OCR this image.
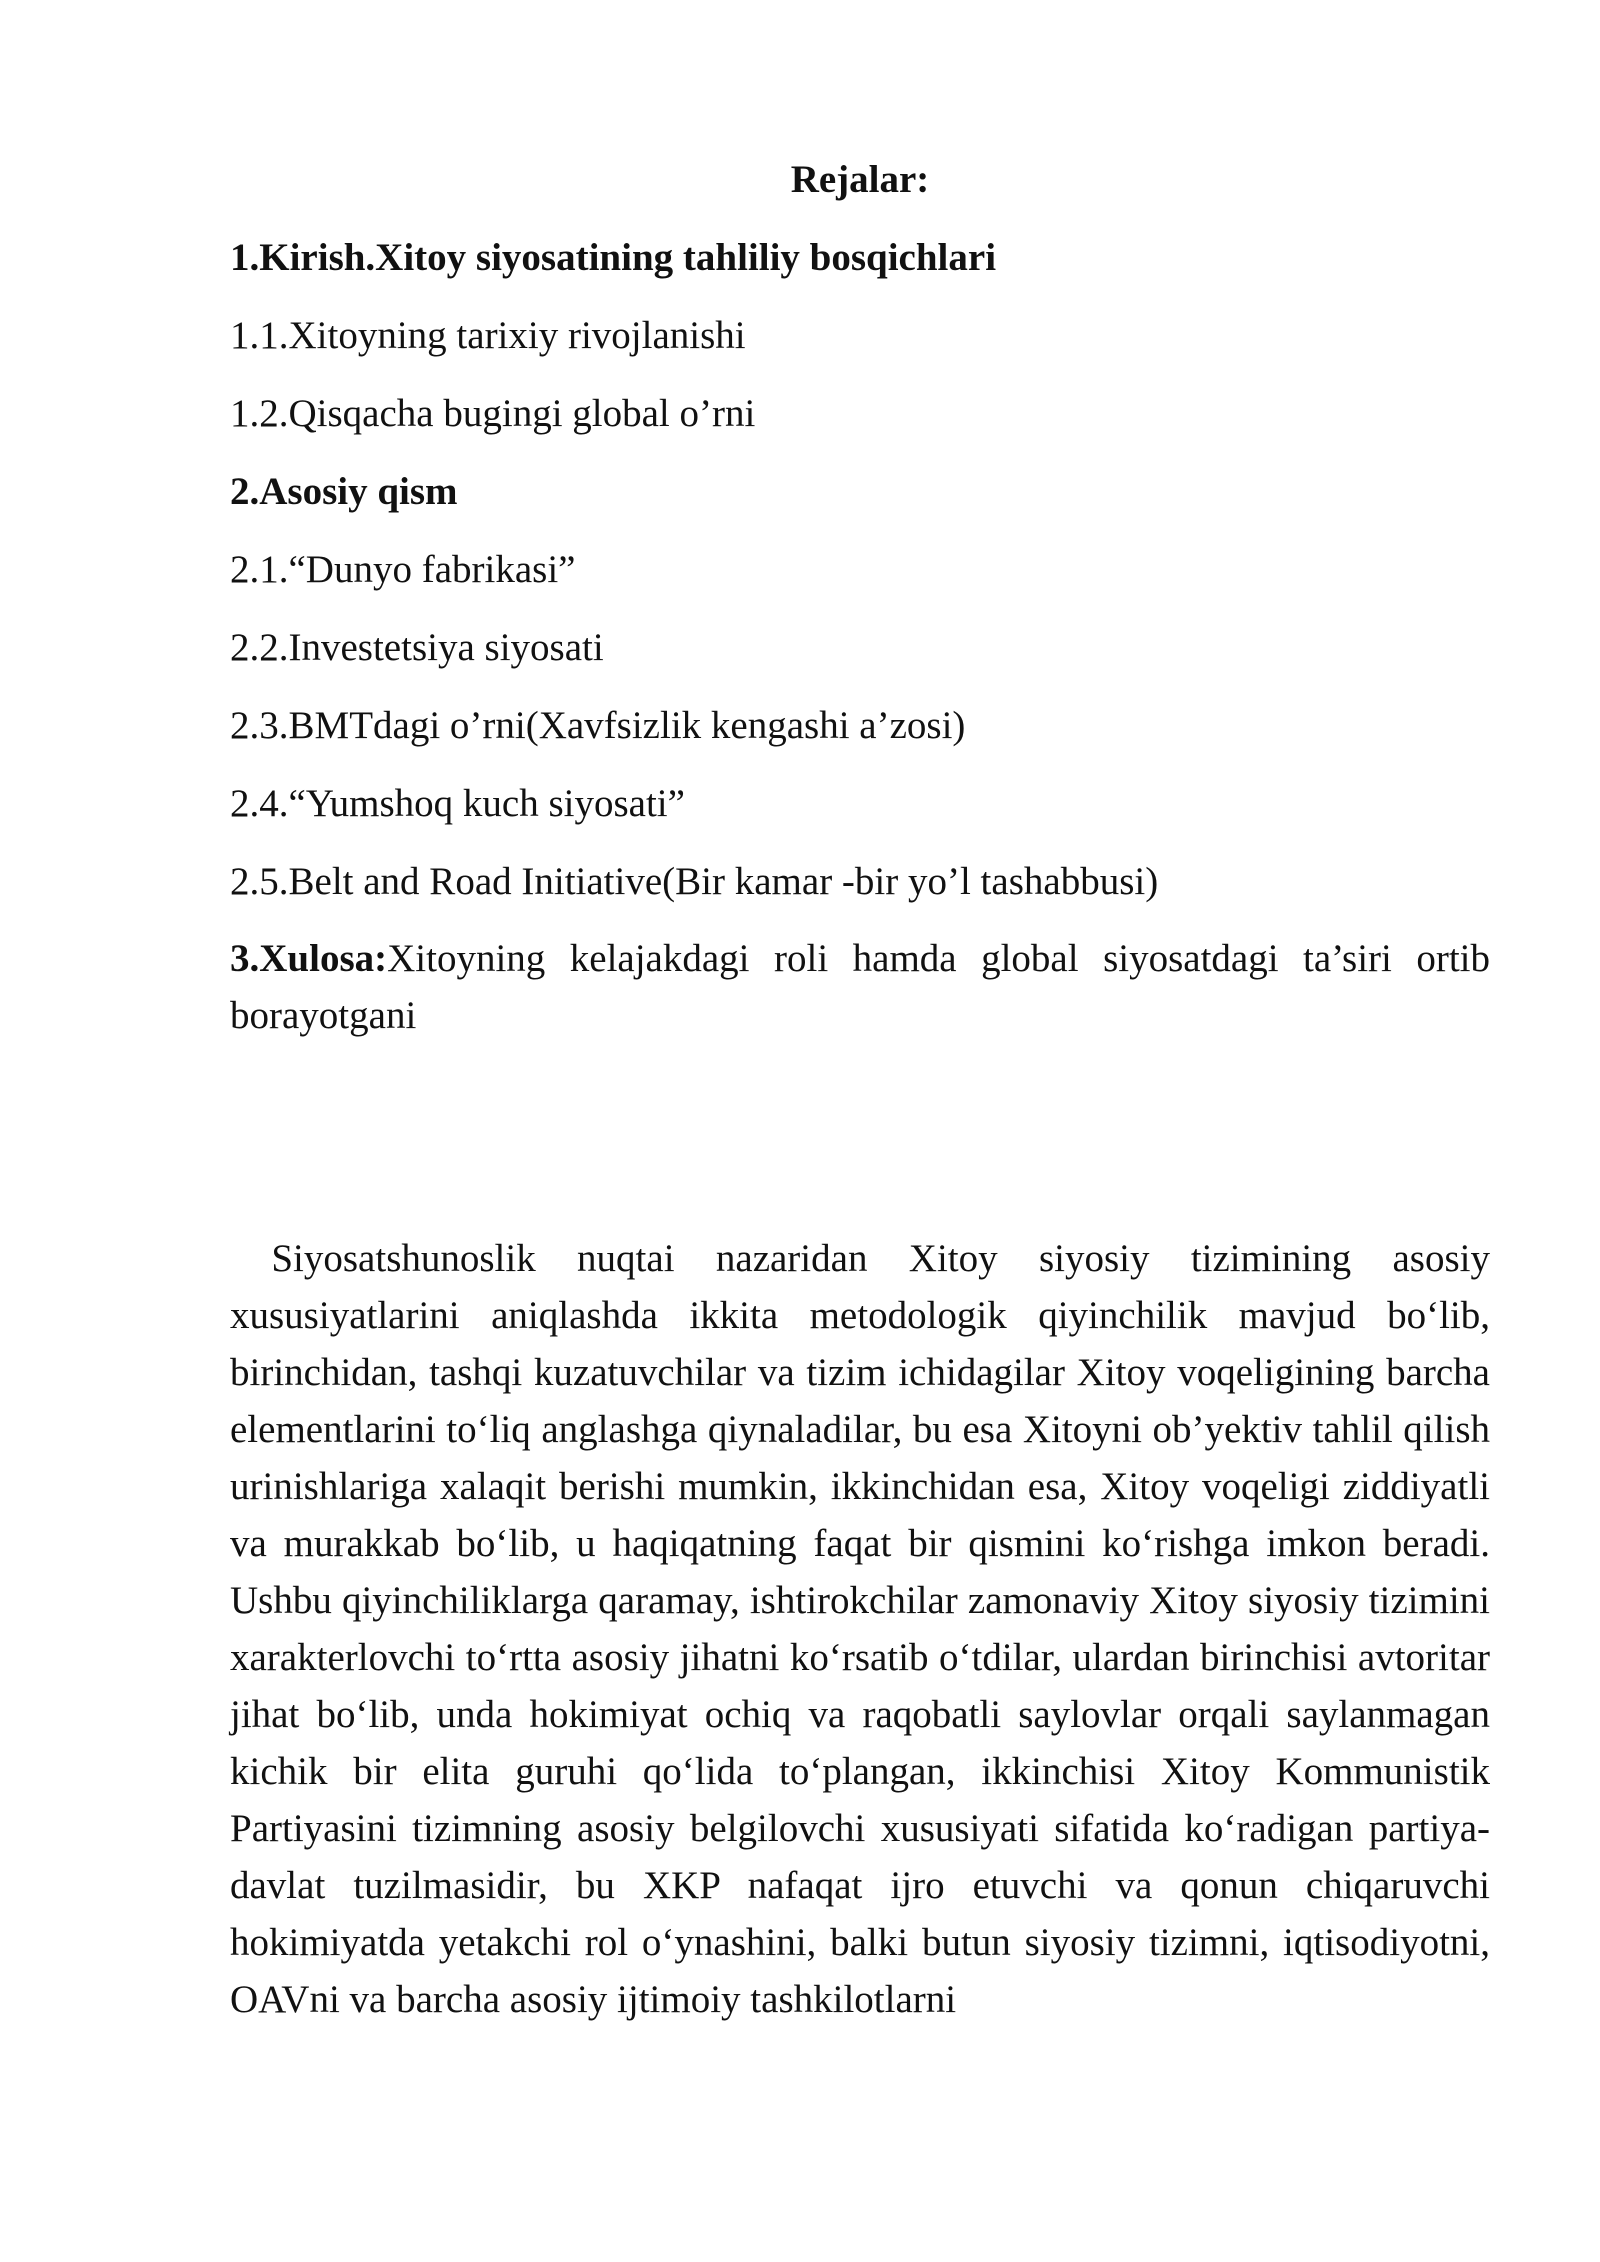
Rejalar:

1.Kirish.Xitoy siyosatining tahliliy bosqichlari

1.1.Xitoyning tarixiy rivojlanishi

1.2.Qisqacha bugingi global o’rni

2.Asosiy qism

2.1.“Dunyo fabrikasi”

2.2.Investetsiya siyosati

2.3.BMTdagi o’rni(Xavfsizlik kengashi a’zosi)

2.4.“Yumshoq kuch siyosati”

2.5.Belt and Road Initiative(Bir kamar -bir yo’l tashabbusi)

3.Xulosa:Xitoyning kelajakdagi roli hamda global siyosatdagi ta’siri ortib borayotgani

Siyosatshunoslik nuqtai nazaridan Xitoy siyosiy tizimining asosiy xususiyatlarini aniqlashda ikkita metodologik qiyinchilik mavjud bo‘lib, birinchidan, tashqi kuzatuvchilar va tizim ichidagilar Xitoy voqeligining barcha elementlarini to‘liq anglashga qiynaladilar, bu esa Xitoyni ob’yektiv tahlil qilish urinishlariga xalaqit berishi mumkin, ikkinchidan esa, Xitoy voqeligi ziddiyatli va murakkab bo‘lib, u haqiqatning faqat bir qismini ko‘rishga imkon beradi. Ushbu qiyinchiliklarga qaramay, ishtirokchilar zamonaviy Xitoy siyosiy tizimini xarakterlovchi to‘rtta asosiy jihatni ko‘rsatib o‘tdilar, ulardan birinchisi avtoritar jihat bo‘lib, unda hokimiyat ochiq va raqobatli saylovlar orqali saylanmagan kichik bir elita guruhi qo‘lida to‘plangan, ikkinchisi Xitoy Kommunistik Partiyasini tizimning asosiy belgilovchi xususiyati sifatida ko‘radigan partiya-davlat tuzilmasidir, bu XKP nafaqat ijro etuvchi va qonun chiqaruvchi hokimiyatda yetakchi rol o‘ynashini, balki butun siyosiy tizimni, iqtisodiyotni, OAVni va barcha asosiy ijtimoiy tashkilotlarni
